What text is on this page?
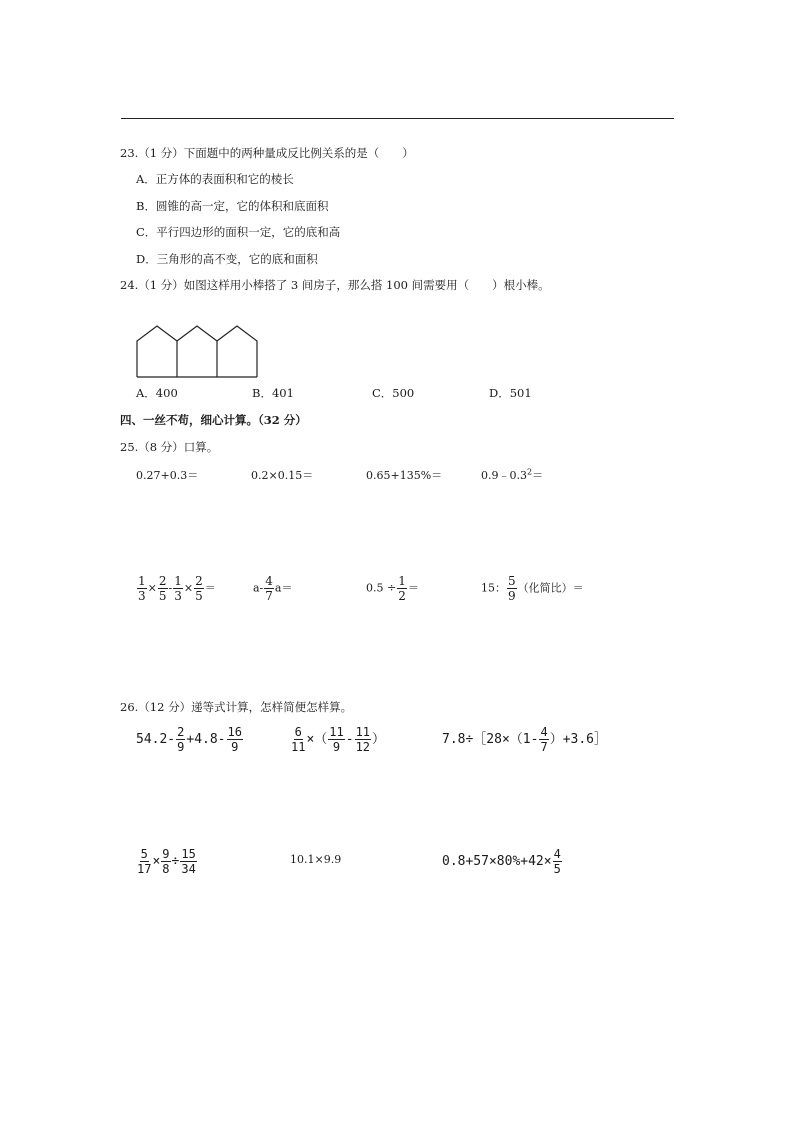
23.（1 分）下面题中的两种量成反比例关系的是（　　）
A．正方体的表面积和它的棱长
B．圆锥的高一定，它的体积和底面积
C．平行四边形的面积一定，它的底和高
D．三角形的高不变，它的底和面积
24.（1 分）如图这样用小棒搭了 3 间房子，那么搭 100 间需要用（　　）根小棒。
A．400	B．401	C．500	D．501
四、一丝不苟，细心计算。（32 分）
25.（8 分）口算。
0.27+0.3＝	0.2×0.15＝	0.65+135%＝	$0.9﹣0.3^2=$
$\frac{1}{3} \times \frac{2}{5} - \frac{1}{3} \times \frac{2}{5}$ ＝	$a- \frac{4}{7} a=$	$0.5 \div \frac{1}{2}$ ＝	15： $\frac{5}{9}$ （化简比）＝
26.（12 分）递等式计算，怎样简便怎样算。
$54.2- \frac{2}{9} +4.8- \frac{16}{9}$	$\frac{6}{11}$ ×（ $\frac{11}{9} - \frac{11}{12}$ ）	7.8÷［28×（1- $\frac{4}{7}$ ）+3.6］
$\frac{5}{17} \times \frac{9}{8} \div \frac{15}{34}$	10.1×9.9	$0.8+57\times 80\%+42\times \frac{4}{5}$
